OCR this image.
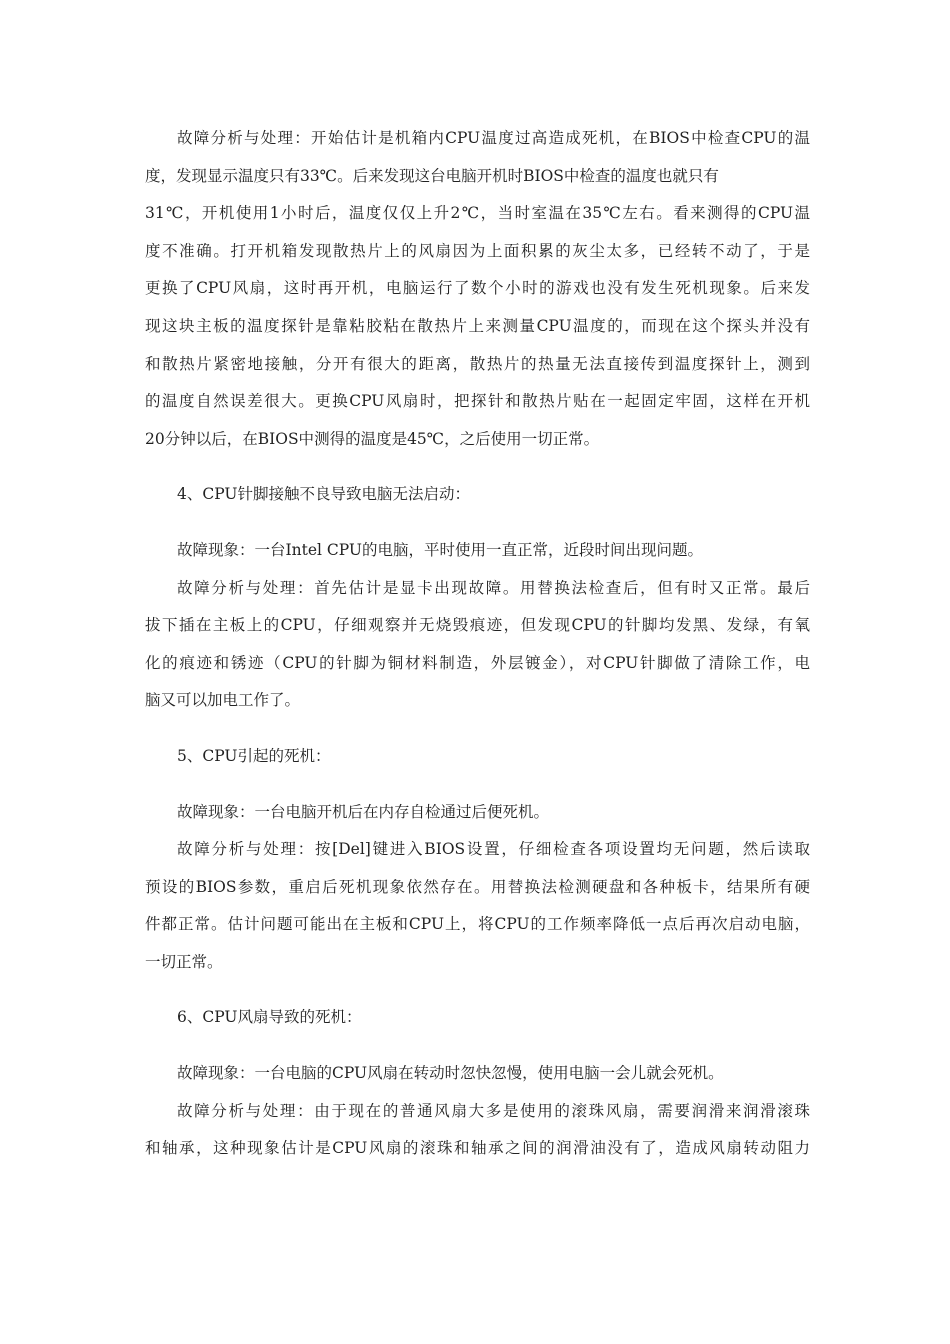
故障分析与处理：开始估计是机箱内CPU温度过高造成死机，在BIOS中检查CPU的温
度，发现显示温度只有33℃。后来发现这台电脑开机时BIOS中检查的温度也就只有
31℃，开机使用1小时后，温度仅仅上升2℃，当时室温在35℃左右。看来测得的CPU温
度不准确。打开机箱发现散热片上的风扇因为上面积累的灰尘太多，已经转不动了，于是
更换了CPU风扇，这时再开机，电脑运行了数个小时的游戏也没有发生死机现象。后来发
现这块主板的温度探针是靠粘胶粘在散热片上来测量CPU温度的，而现在这个探头并没有
和散热片紧密地接触，分开有很大的距离，散热片的热量无法直接传到温度探针上，测到
的温度自然误差很大。更换CPU风扇时，把探针和散热片贴在一起固定牢固，这样在开机
20分钟以后，在BIOS中测得的温度是45℃，之后使用一切正常。
4、CPU针脚接触不良导致电脑无法启动：
故障现象：一台Intel CPU的电脑，平时使用一直正常，近段时间出现问题。
故障分析与处理：首先估计是显卡出现故障。用替换法检查后，但有时又正常。最后
拔下插在主板上的CPU，仔细观察并无烧毁痕迹，但发现CPU的针脚均发黑、发绿，有氧
化的痕迹和锈迹（CPU的针脚为铜材料制造，外层镀金），对CPU针脚做了清除工作，电
脑又可以加电工作了。
5、CPU引起的死机：
故障现象：一台电脑开机后在内存自检通过后便死机。
故障分析与处理：按[Del]键进入BIOS设置，仔细检查各项设置均无问题，然后读取
预设的BIOS参数，重启后死机现象依然存在。用替换法检测硬盘和各种板卡，结果所有硬
件都正常。估计问题可能出在主板和CPU上，将CPU的工作频率降低一点后再次启动电脑，
一切正常。
6、CPU风扇导致的死机：
故障现象：一台电脑的CPU风扇在转动时忽快忽慢，使用电脑一会儿就会死机。
故障分析与处理：由于现在的普通风扇大多是使用的滚珠风扇，需要润滑来润滑滚珠
和轴承，这种现象估计是CPU风扇的滚珠和轴承之间的润滑油没有了，造成风扇转动阻力
